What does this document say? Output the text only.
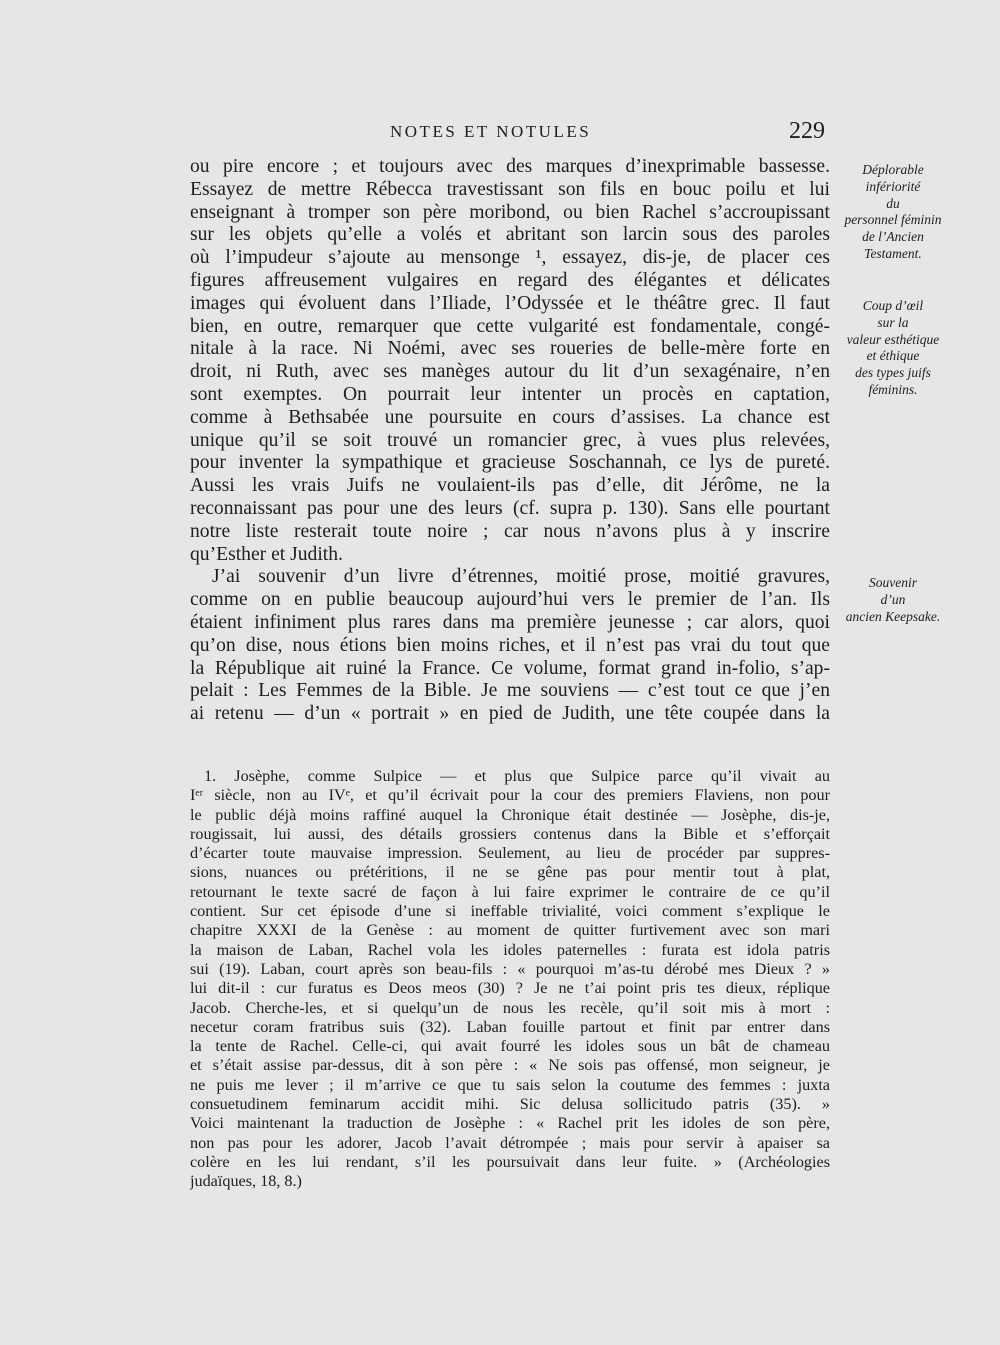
NOTES ET NOTULES	229
ou pire encore ; et toujours avec des marques d’inexprimable bassesse.
Essayez de mettre Rébecca travestissant son fils en bouc poilu et lui
enseignant à tromper son père moribond, ou bien Rachel s’accroupissant
sur les objets qu’elle a volés et abritant son larcin sous des paroles
où l’impudeur s’ajoute au mensonge ¹, essayez, dis-je, de placer ces
figures affreusement vulgaires en regard des élégantes et délicates
images qui évoluent dans l’Iliade, l’Odyssée et le théâtre grec. Il faut
bien, en outre, remarquer que cette vulgarité est fondamentale, congé-
nitale à la race. Ni Noémi, avec ses roueries de belle-mère forte en
droit, ni Ruth, avec ses manèges autour du lit d’un sexagénaire, n’en
sont exemptes. On pourrait leur intenter un procès en captation,
comme à Bethsabée une poursuite en cours d’assises. La chance est
unique qu’il se soit trouvé un romancier grec, à vues plus relevées,
pour inventer la sympathique et gracieuse Soschannah, ce lys de pureté.
Aussi les vrais Juifs ne voulaient-ils pas d’elle, dit Jérôme, ne la
reconnaissant pas pour une des leurs (cf. supra p. 130). Sans elle pourtant
notre liste resterait toute noire ; car nous n’avons plus à y inscrire
qu’Esther et Judith.
J’ai souvenir d’un livre d’étrennes, moitié prose, moitié gravures,
comme on en publie beaucoup aujourd’hui vers le premier de l’an. Ils
étaient infiniment plus rares dans ma première jeunesse ; car alors, quoi
qu’on dise, nous étions bien moins riches, et il n’est pas vrai du tout que
la République ait ruiné la France. Ce volume, format grand in-folio, s’ap-
pelait : Les Femmes de la Bible. Je me souviens — c’est tout ce que j’en
ai retenu — d’un « portrait » en pied de Judith, une tête coupée dans la
Déplorable
infériorité
du
personnel féminin
de l’Ancien
Testament.
Coup d’œil
sur la
valeur esthétique
et éthique
des types juifs
féminins.
Souvenir
d’un
ancien Keepsake.
1. Josèphe, comme Sulpice — et plus que Sulpice parce qu’il vivait au
Iᵉʳ siècle, non au IVᵉ, et qu’il écrivait pour la cour des premiers Flaviens, non pour
le public déjà moins raffiné auquel la Chronique était destinée — Josèphe, dis-je,
rougissait, lui aussi, des détails grossiers contenus dans la Bible et s’efforçait
d’écarter toute mauvaise impression. Seulement, au lieu de procéder par suppres-
sions, nuances ou prétéritions, il ne se gêne pas pour mentir tout à plat,
retournant le texte sacré de façon à lui faire exprimer le contraire de ce qu’il
contient. Sur cet épisode d’une si ineffable trivialité, voici comment s’explique le
chapitre XXXI de la Genèse : au moment de quitter furtivement avec son mari
la maison de Laban, Rachel vola les idoles paternelles : furata est idola patris
sui (19). Laban, court après son beau-fils : « pourquoi m’as-tu dérobé mes Dieux ? »
lui dit-il : cur furatus es Deos meos (30) ? Je ne t’ai point pris tes dieux, réplique
Jacob. Cherche-les, et si quelqu’un de nous les recèle, qu’il soit mis à mort :
necetur coram fratribus suis (32). Laban fouille partout et finit par entrer dans
la tente de Rachel. Celle-ci, qui avait fourré les idoles sous un bât de chameau
et s’était assise par-dessus, dit à son père : « Ne sois pas offensé, mon seigneur, je
ne puis me lever ; il m’arrive ce que tu sais selon la coutume des femmes : juxta
consuetudinem feminarum accidit mihi. Sic delusa sollicitudo patris (35). »
Voici maintenant la traduction de Josèphe : « Rachel prit les idoles de son père,
non pas pour les adorer, Jacob l’avait détrompée ; mais pour servir à apaiser sa
colère en les lui rendant, s’il les poursuivait dans leur fuite. » (Archéologies
judaïques, 18, 8.)
